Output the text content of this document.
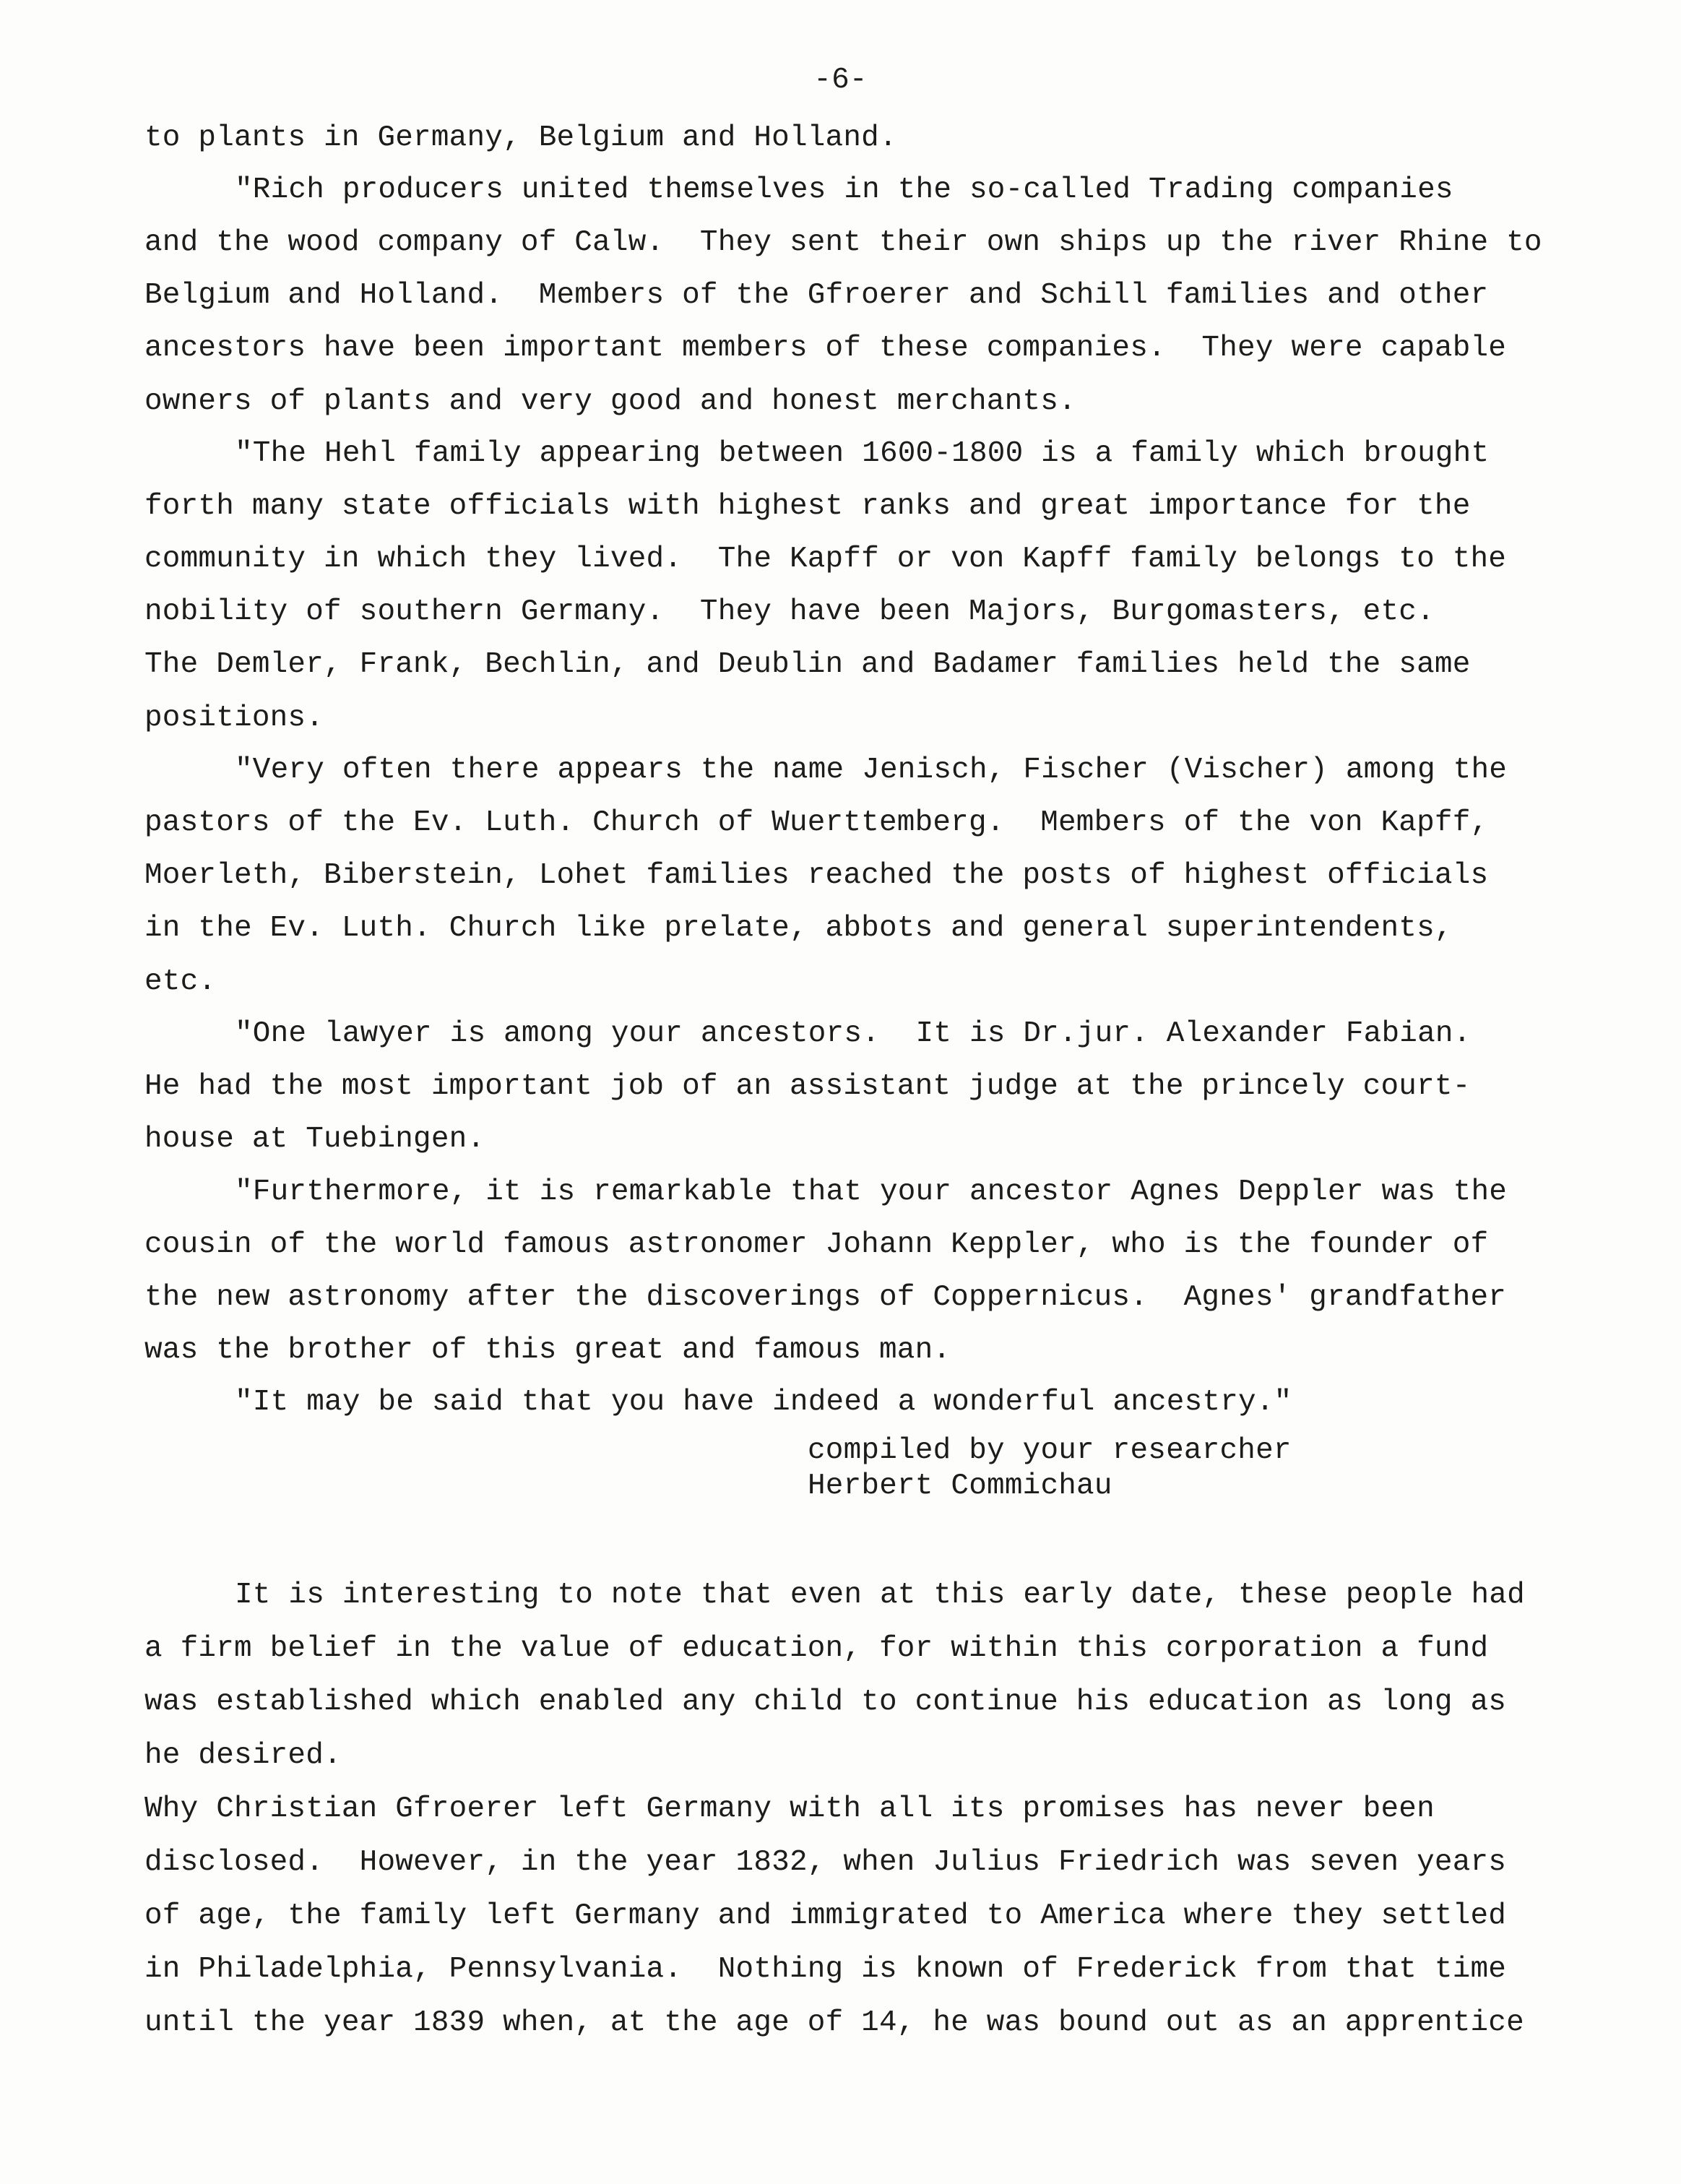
-6-

to plants in Germany, Belgium and Holland.

"Rich producers united themselves in the so-called Trading companies

and the wood company of Calw.  They sent their own ships up the river Rhine to

Belgium and Holland.  Members of the Gfroerer and Schill families and other

ancestors have been important members of these companies.  They were capable

owners of plants and very good and honest merchants.

"The Hehl family appearing between 1600-1800 is a family which brought

forth many state officials with highest ranks and great importance for the

community in which they lived.  The Kapff or von Kapff family belongs to the

nobility of southern Germany.  They have been Majors, Burgomasters, etc.

The Demler, Frank, Bechlin, and Deublin and Badamer families held the same

positions.

"Very often there appears the name Jenisch, Fischer (Vischer) among the

pastors of the Ev. Luth. Church of Wuerttemberg.  Members of the von Kapff,

Moerleth, Biberstein, Lohet families reached the posts of highest officials

in the Ev. Luth. Church like prelate, abbots and general superintendents,

etc.

"One lawyer is among your ancestors.  It is Dr.jur. Alexander Fabian.

He had the most important job of an assistant judge at the princely court-

house at Tuebingen.

"Furthermore, it is remarkable that your ancestor Agnes Deppler was the

cousin of the world famous astronomer Johann Keppler, who is the founder of

the new astronomy after the discoverings of Coppernicus.  Agnes' grandfather

was the brother of this great and famous man.

"It may be said that you have indeed a wonderful ancestry."

compiled by your researcher

Herbert Commichau

It is interesting to note that even at this early date, these people had

a firm belief in the value of education, for within this corporation a fund

was established which enabled any child to continue his education as long as

he desired.

Why Christian Gfroerer left Germany with all its promises has never been

disclosed.  However, in the year 1832, when Julius Friedrich was seven years

of age, the family left Germany and immigrated to America where they settled

in Philadelphia, Pennsylvania.  Nothing is known of Frederick from that time

until the year 1839 when, at the age of 14, he was bound out as an apprentice
